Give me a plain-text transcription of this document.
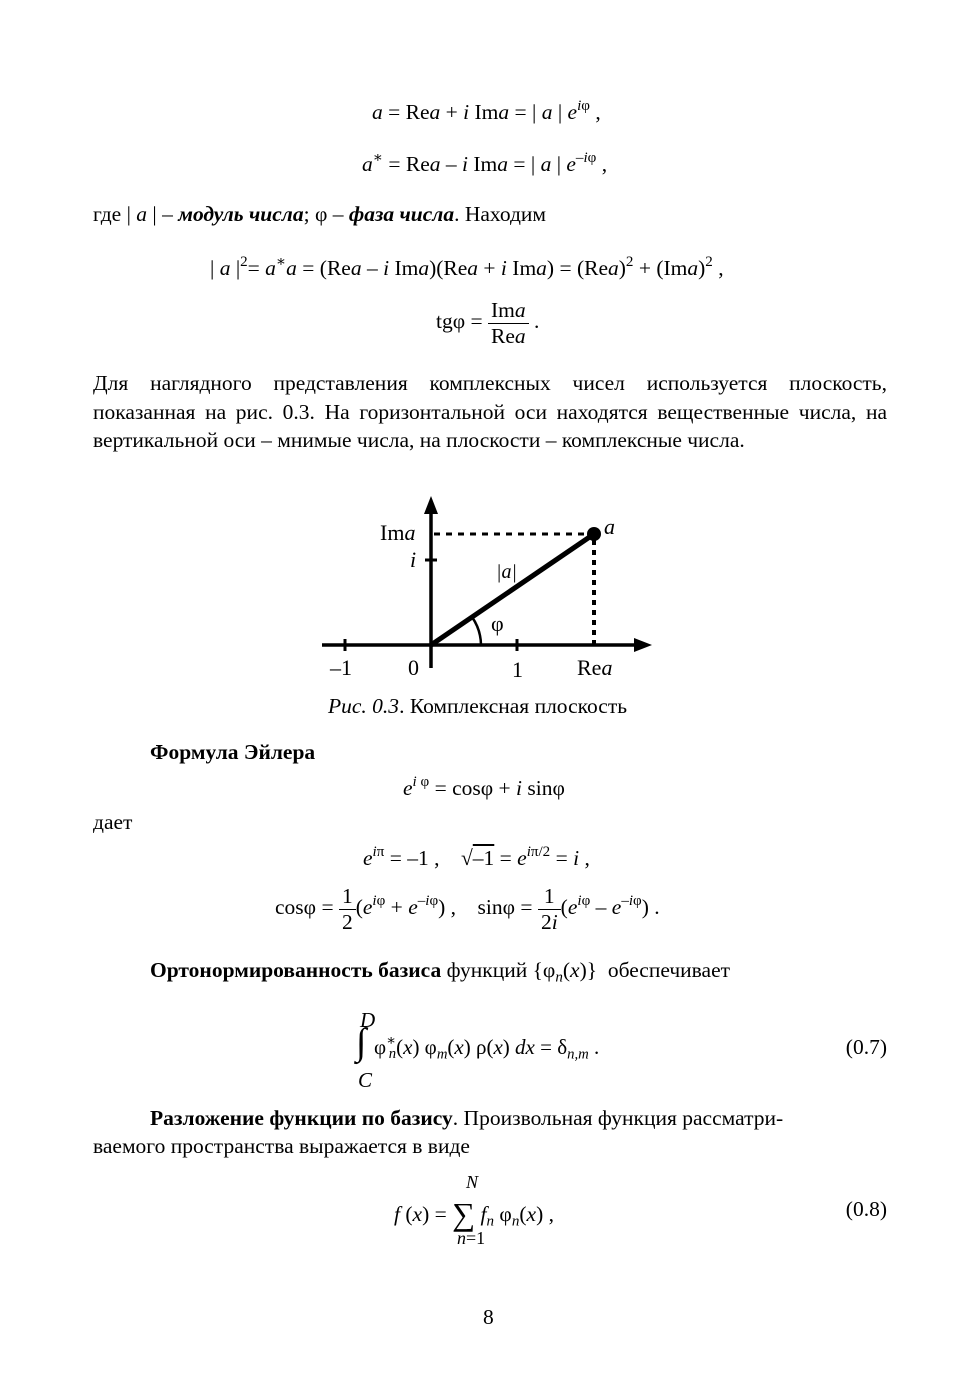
a = Rea + i Ima = | a | $e^{i\varphi}$ ,
a∗ = Rea – i Ima = | a | $e^{-i\varphi}$ ,
где | a | – модуль числа; φ – фаза числа. Находим
| a $|^2= a^∗a = (Rea - i$ Ima)(Rea + i Ima) = (Rea)$^2$ + (Ima)$^2$ ,
$tg\varphi = \frac{\text{Ima}}{\text{Rea}}$ .
Для наглядного представления комплексных чисел используется плоскость, показанная на рис. 0.3. На горизонтальной оси находятся вещественные числа, на вертикальной оси – мнимые числа, на плоскости – комплексные числа.
Ima
i	|a|
φ
a
–1	0	1 Rea
Рис. 0.3. Комплексная плоскость
Формула Эйлера
$e^{i \varphi} = \cos\varphi + i$ sinφ
дает
$e^{i\pi} = -1$ ,    $√-1 = e^{i\pi/2} = i$ ,
$\cos\varphi = \frac{1}{2} (e^{i\varphi} + e^{-i\varphi})$ ,    $\sin\varphi = \frac{1}{2i} (e^{i\varphi} - e^{-i\varphi})$ .
Ортонормированность базиса функций $\{\varphi_n(x)\}$  обеспечивает
D
∫
C
$\varphi^∗_n(x)$ $\varphi_m(x)$ ρ(x) dx = $\delta_{n,m}$ .	(0.7)
Разложение функции по базису. Произвольная функция рассматри-
ваемого пространства выражается в виде
N
f (x) = ∑ $f_n$ $\varphi_n(x)$ ,
n=1
(0.8)
8
